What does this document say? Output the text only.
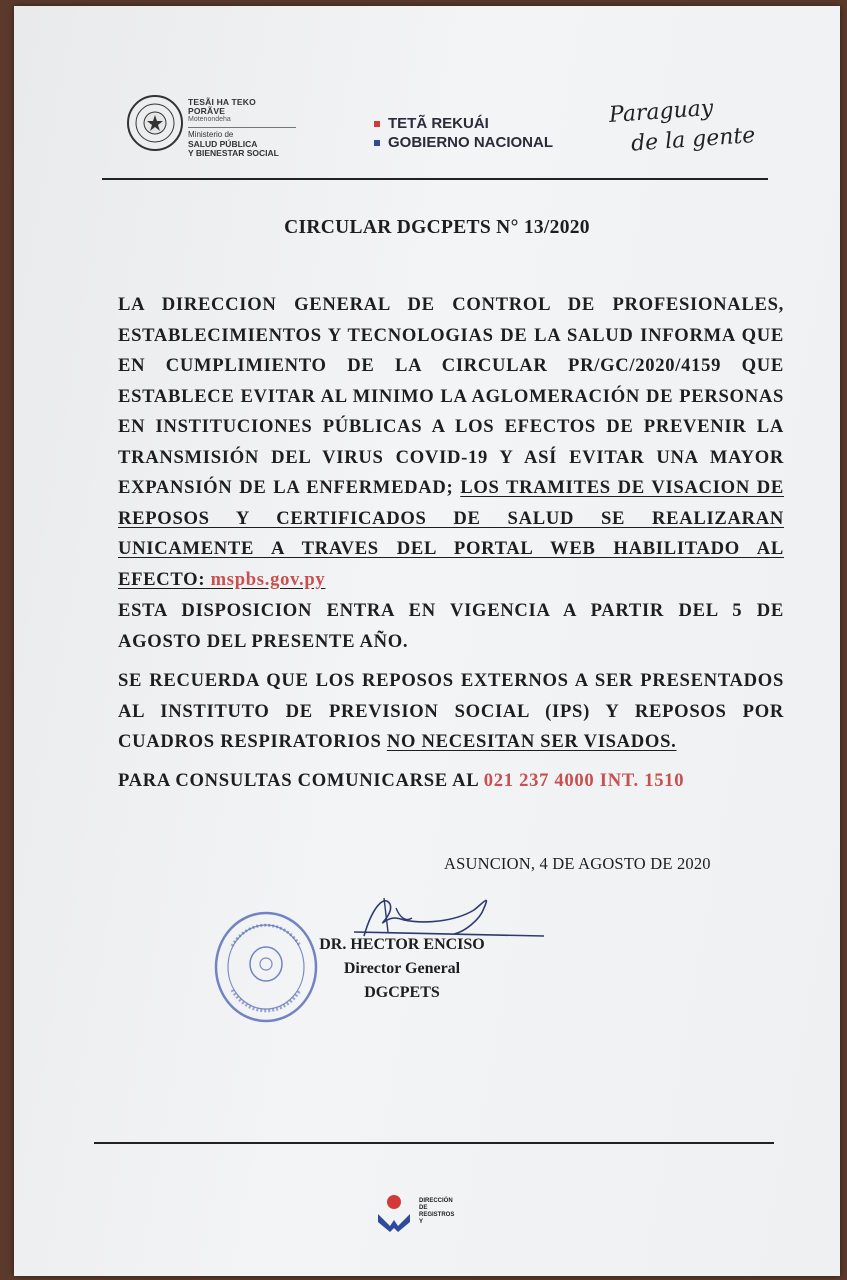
TESÃI HA TEKO
PORÃVE
Motenondeha
Ministerio de
SALUD PÚBLICA
Y BIENESTAR SOCIAL
TETÃ REKUÁI
GOBIERNO NACIONAL
Paraguay
de la gente
CIRCULAR DGCPETS N° 13/2020
LA DIRECCION GENERAL DE CONTROL DE PROFESIONALES, ESTABLECIMIENTOS Y TECNOLOGIAS DE LA SALUD INFORMA QUE EN CUMPLIMIENTO DE LA CIRCULAR PR/GC/2020/4159 QUE ESTABLECE EVITAR AL MINIMO LA AGLOMERACIÓN DE PERSONAS EN INSTITUCIONES PÚBLICAS A LOS EFECTOS DE PREVENIR LA TRANSMISIÓN DEL VIRUS COVID-19 Y ASÍ EVITAR UNA MAYOR EXPANSIÓN DE LA ENFERMEDAD; LOS TRAMITES DE VISACION DE REPOSOS Y CERTIFICADOS DE SALUD SE REALIZARAN UNICAMENTE A TRAVES DEL PORTAL WEB HABILITADO AL EFECTO: mspbs.gov.py
ESTA DISPOSICION ENTRA EN VIGENCIA A PARTIR DEL 5 DE AGOSTO DEL PRESENTE AÑO.
SE RECUERDA QUE LOS REPOSOS EXTERNOS A SER PRESENTADOS AL INSTITUTO DE PREVISION SOCIAL (IPS) Y REPOSOS POR CUADROS RESPIRATORIOS NO NECESITAN SER VISADOS.
PARA CONSULTAS COMUNICARSE AL 021 237 4000 INT. 1510
ASUNCION, 4 DE AGOSTO DE 2020
DR. HECTOR ENCISO
Director General
DGCPETS
DIRECCIÓN DE
REGISTROS Y
